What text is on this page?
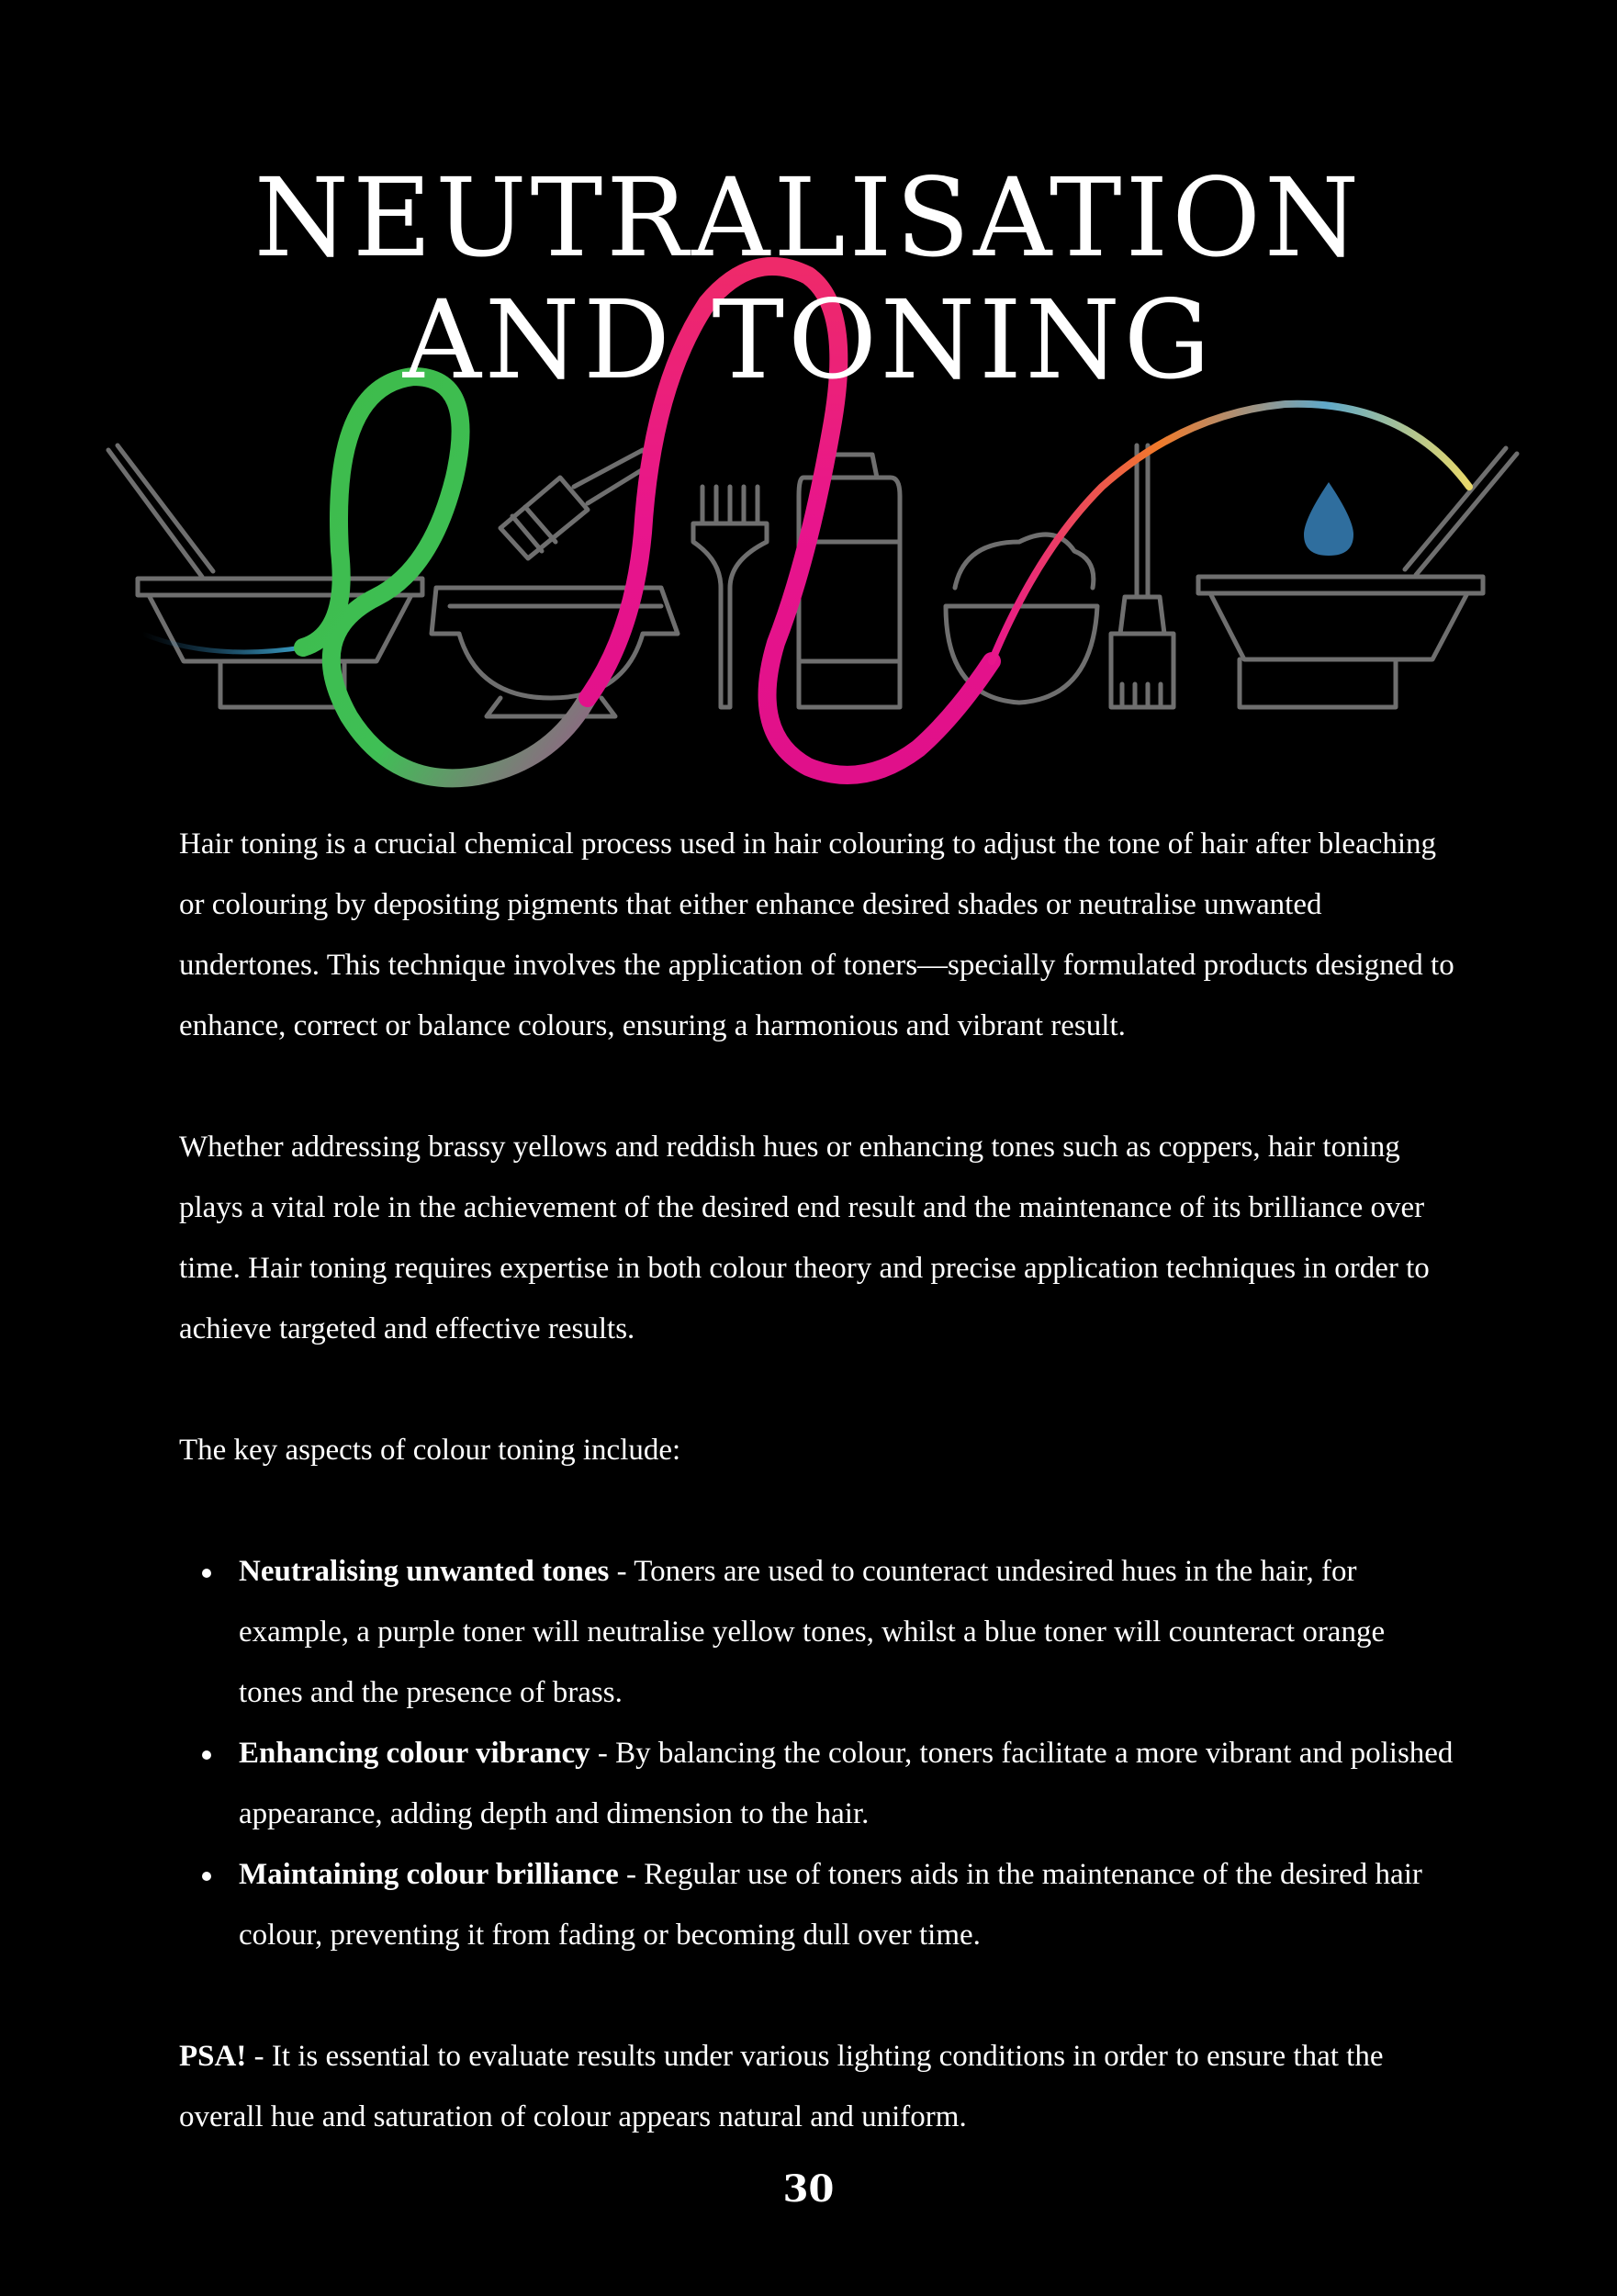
NEUTRALISATION
AND TONING

Hair toning is a crucial chemical process used in hair colouring to adjust the tone of hair after bleaching or colouring by depositing pigments that either enhance desired shades or neutralise unwanted undertones. This technique involves the application of toners—specially formulated products designed to enhance, correct or balance colours, ensuring a harmonious and vibrant result.

Whether addressing brassy yellows and reddish hues or enhancing tones such as coppers, hair toning plays a vital role in the achievement of the desired end result and the maintenance of its brilliance over time. Hair toning requires expertise in both colour theory and precise application techniques in order to achieve targeted and effective results.

The key aspects of colour toning include:

Neutralising unwanted tones - Toners are used to counteract undesired hues in the hair, for example, a purple toner will neutralise yellow tones, whilst a blue toner will counteract orange tones and the presence of brass.
Enhancing colour vibrancy - By balancing the colour, toners facilitate a more vibrant and polished appearance, adding depth and dimension to the hair.
Maintaining colour brilliance - Regular use of toners aids in the maintenance of the desired hair colour, preventing it from fading or becoming dull over time.

PSA! - It is essential to evaluate results under various lighting conditions in order to ensure that the overall hue and saturation of colour appears natural and uniform.

30
